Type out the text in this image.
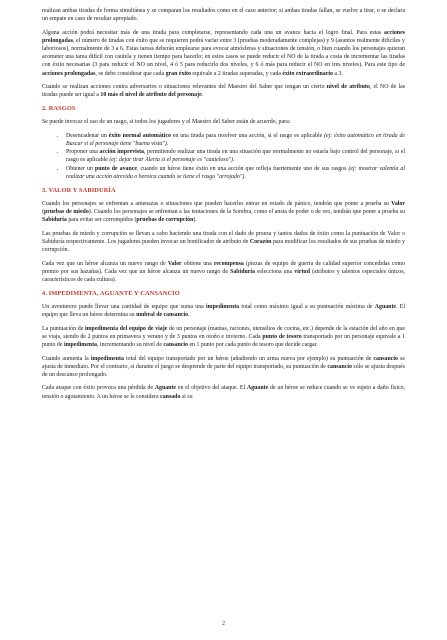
realizan ambas tiradas de forma simultánea y se comparan los resultados como en el caso anterior; si ambas tiradas fallan, se vuelve a tirar, o se declara un empate en caso de resultar apropiado.

Alguna acción podrá necesitar más de una tirada para completarse, representando cada una un avance hacia el logro final. Para estas acciones prolongadas, el número de tiradas con éxito que se requieren podrá variar entre 3 (pruebas moderadamente complejas) y 9 (asuntos realmente difíciles y laboriosos), normalmente de 3 a 6. Estas tareas deberán emplearse para evocar atmósferas y situaciones de tensión, o bien cuando los personajes quieran acometer una tarea difícil con cautela y tienen tiempo para hacerlo; en estos casos se puede reducir el NO de la tirada a costa de incrementar las tiradas con éxito necesarias (3 para reducir el NO un nivel, 4 ó 5 para reducirlo dos niveles, y 6 ó más para reducir el NO en tres niveles). Para este tipo de acciones prolongadas, se debe considerar que cada gran éxito equivale a 2 tiradas superadas, y cada éxito extraordinario a 3.

Cuando se realizan acciones contra adversarios o situaciones relevantes del Maestro del Saber que tengan un cierto nivel de atributo, el NO de las tiradas puede ser igual a 10 más el nivel de atributo del personaje.

2. RASGOS

Se puede invocar el uso de un rasgo, si todos los jugadores y el Maestro del Saber están de acuerdo, para:

• Desencadenar un éxito normal automático en una tirada para resolver una acción, si el rasgo es aplicable (ej: éxito automático en tirada de Buscar si el personaje tiene "buena vista").
• Proponer una acción imprevista, permitiendo realizar una tirada en una situación que normalmente no estaría bajo control del personaje, si el rasgo es aplicable (ej: dejar tirar Alerta si el personaje es "cauteloso").
• Obtener un punto de avance, cuando un héroe tiene éxito en una acción que refleja fuertemente uno de sus rasgos (ej: mostrar valentía al realizar una acción atrevida o heroica cuando se tiene el rasgo "arrojado").
3. VALOR Y SABIDURÍA

Cuando los personajes se enfrentan a amenazas o situaciones que pueden hacerles entrar en estado de pánico, tendrán que poner a prueba su Valor (pruebas de miedo). Cuando los personajes se enfrentan a las tentaciones de la Sombra, como el ansia de poder o de oro, tendrán que poner a prueba su Sabiduría para evitar ser corrompidos (pruebas de corrupción).

Las pruebas de miedo y corrupción se llevan a cabo haciendo una tirada con el dado de proeza y tantos dados de éxito como la puntuación de Valor o Sabiduría respectivamente. Los jugadores pueden invocar un bonificador de atributo de Corazón para modificar los resultados de sus pruebas de miedo y corrupción.

Cada vez que un héroe alcanza un nuevo rango de Valor obtiene una recompensa (piezas de equipo de guerra de calidad superior concedidas como premio por sus hazañas). Cada vez que un héroe alcanza un nuevo rango de Sabiduría selecciona una virtud (atributos y talentos especiales únicos, característicos de cada cultura).

4. IMPEDIMENTA, AGUANTE Y CANSANCIO

Un aventurero puede llevar una cantidad de equipo que suma una impedimenta total como máximo igual a su puntuación máxima de Aguante. El equipo que lleva un héroe determina su umbral de cansancio.

La puntuación de impedimenta del equipo de viaje de un personaje (mantas, raciones, utensilios de cocina, etc.) depende de la estación del año en que se viaja, siendo de 2 puntos en primavera y verano y de 3 puntos en otoño e invierno. Cada punto de tesoro transportado por un personaje equivale a 1 punto de impedimenta, incrementando su nivel de cansancio en 1 punto por cada punto de tesoro que decide cargar.

Cuando aumenta la impedimenta total del equipo transportado por un héroe (añadiendo un arma nueva por ejemplo) su puntuación de cansancio se ajusta de inmediato. Por el contrario, si durante el juego se desprende de parte del equipo transportado, su puntuación de cansancio sólo se ajusta después de un descanso prolongado.

Cada ataque con éxito provoca una pérdida de Aguante en el objetivo del ataque. El Aguante de un héroe se reduce cuando se ve sujeto a daño físico, tensión o agotamiento. A un héroe se le considera cansado si su

2
